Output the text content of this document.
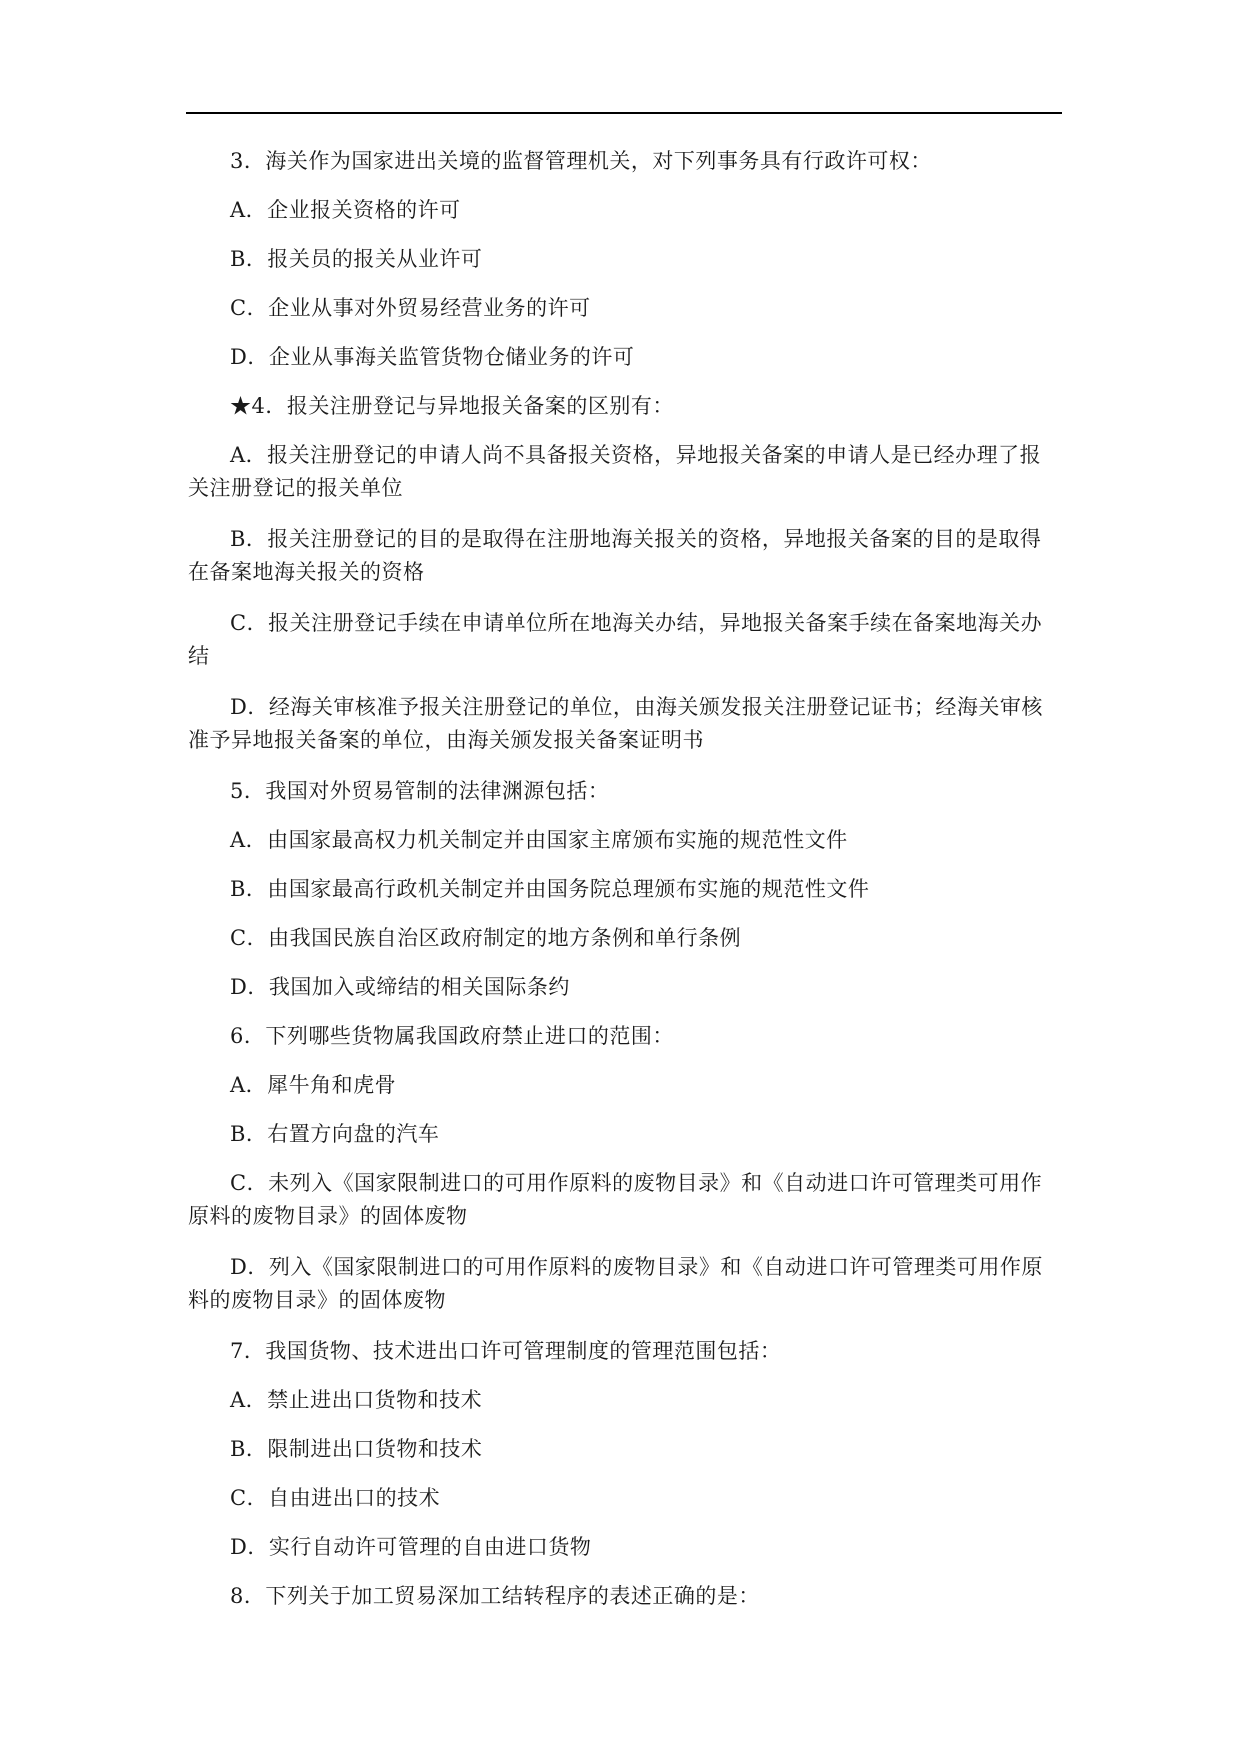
3．海关作为国家进出关境的监督管理机关，对下列事务具有行政许可权：

A．企业报关资格的许可

B．报关员的报关从业许可

C．企业从事对外贸易经营业务的许可

D．企业从事海关监管货物仓储业务的许可

★4．报关注册登记与异地报关备案的区别有：

A．报关注册登记的申请人尚不具备报关资格，异地报关备案的申请人是已经办理了报关注册登记的报关单位

B．报关注册登记的目的是取得在注册地海关报关的资格，异地报关备案的目的是取得在备案地海关报关的资格

C．报关注册登记手续在申请单位所在地海关办结，异地报关备案手续在备案地海关办结

D．经海关审核准予报关注册登记的单位，由海关颁发报关注册登记证书；经海关审核准予异地报关备案的单位，由海关颁发报关备案证明书

5．我国对外贸易管制的法律渊源包括：

A．由国家最高权力机关制定并由国家主席颁布实施的规范性文件

B．由国家最高行政机关制定并由国务院总理颁布实施的规范性文件

C．由我国民族自治区政府制定的地方条例和单行条例

D．我国加入或缔结的相关国际条约

6．下列哪些货物属我国政府禁止进口的范围：

A．犀牛角和虎骨

B．右置方向盘的汽车

C．未列入《国家限制进口的可用作原料的废物目录》和《自动进口许可管理类可用作原料的废物目录》的固体废物

D．列入《国家限制进口的可用作原料的废物目录》和《自动进口许可管理类可用作原料的废物目录》的固体废物

7．我国货物、技术进出口许可管理制度的管理范围包括：

A．禁止进出口货物和技术

B．限制进出口货物和技术

C．自由进出口的技术

D．实行自动许可管理的自由进口货物

8．下列关于加工贸易深加工结转程序的表述正确的是：
